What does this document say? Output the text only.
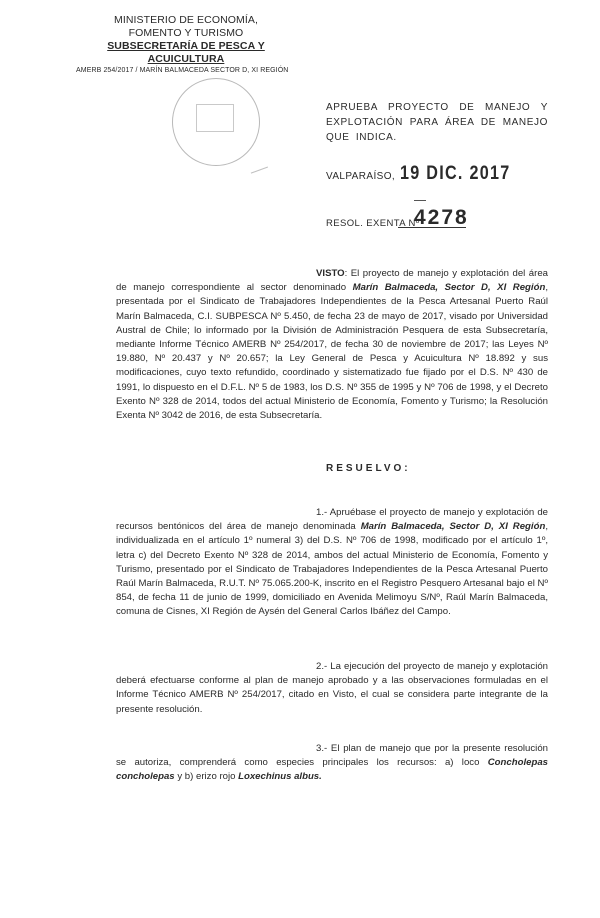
MINISTERIO DE ECONOMÍA,
FOMENTO Y TURISMO
SUBSECRETARÍA DE PESCA Y ACUICULTURA
AMERB 254/2017 / MARÍN BALMACEDA SECTOR D, XI REGIÓN
APRUEBA PROYECTO DE MANEJO Y EXPLOTACIÓN PARA ÁREA DE MANEJO QUE INDICA.
VALPARAÍSO, 19 DIC. 2017
RESOL. EXENTA Nº
4278
VISTO: El proyecto de manejo y explotación del área de manejo correspondiente al sector denominado Marín Balmaceda, Sector D, XI Región, presentada por el Sindicato de Trabajadores Independientes de la Pesca Artesanal Puerto Raúl Marín Balmaceda, C.I. SUBPESCA Nº 5.450, de fecha 23 de mayo de 2017, visado por Universidad Austral de Chile; lo informado por la División de Administración Pesquera de esta Subsecretaría, mediante Informe Técnico AMERB Nº 254/2017, de fecha 30 de noviembre de 2017; las Leyes Nº 19.880, Nº 20.437 y Nº 20.657; la Ley General de Pesca y Acuicultura Nº 18.892 y sus modificaciones, cuyo texto refundido, coordinado y sistematizado fue fijado por el D.S. Nº 430 de 1991, lo dispuesto en el D.F.L. Nº 5 de 1983, los D.S. Nº 355 de 1995 y Nº 706 de 1998, y el Decreto Exento Nº 328 de 2014, todos del actual Ministerio de Economía, Fomento y Turismo; la Resolución Exenta Nº 3042 de 2016, de esta Subsecretaría.
RESUELVO:
1.- Apruébase el proyecto de manejo y explotación de recursos bentónicos del área de manejo denominada Marín Balmaceda, Sector D, XI Región, individualizada en el artículo 1º numeral 3) del D.S. Nº 706 de 1998, modificado por el artículo 1º, letra c) del Decreto Exento Nº 328 de 2014, ambos del actual Ministerio de Economía, Fomento y Turismo, presentado por el Sindicato de Trabajadores Independientes de la Pesca Artesanal Puerto Raúl Marín Balmaceda, R.U.T. Nº 75.065.200-K, inscrito en el Registro Pesquero Artesanal bajo el Nº 854, de fecha 11 de junio de 1999, domiciliado en Avenida Melimoyu S/Nº, Raúl Marín Balmaceda, comuna de Cisnes, XI Región de Aysén del General Carlos Ibáñez del Campo.
2.- La ejecución del proyecto de manejo y explotación deberá efectuarse conforme al plan de manejo aprobado y a las observaciones formuladas en el Informe Técnico AMERB Nº 254/2017, citado en Visto, el cual se considera parte integrante de la presente resolución.
3.- El plan de manejo que por la presente resolución se autoriza, comprenderá como especies principales los recursos: a) loco Concholepas concholepas y b) erizo rojo Loxechinus albus.
